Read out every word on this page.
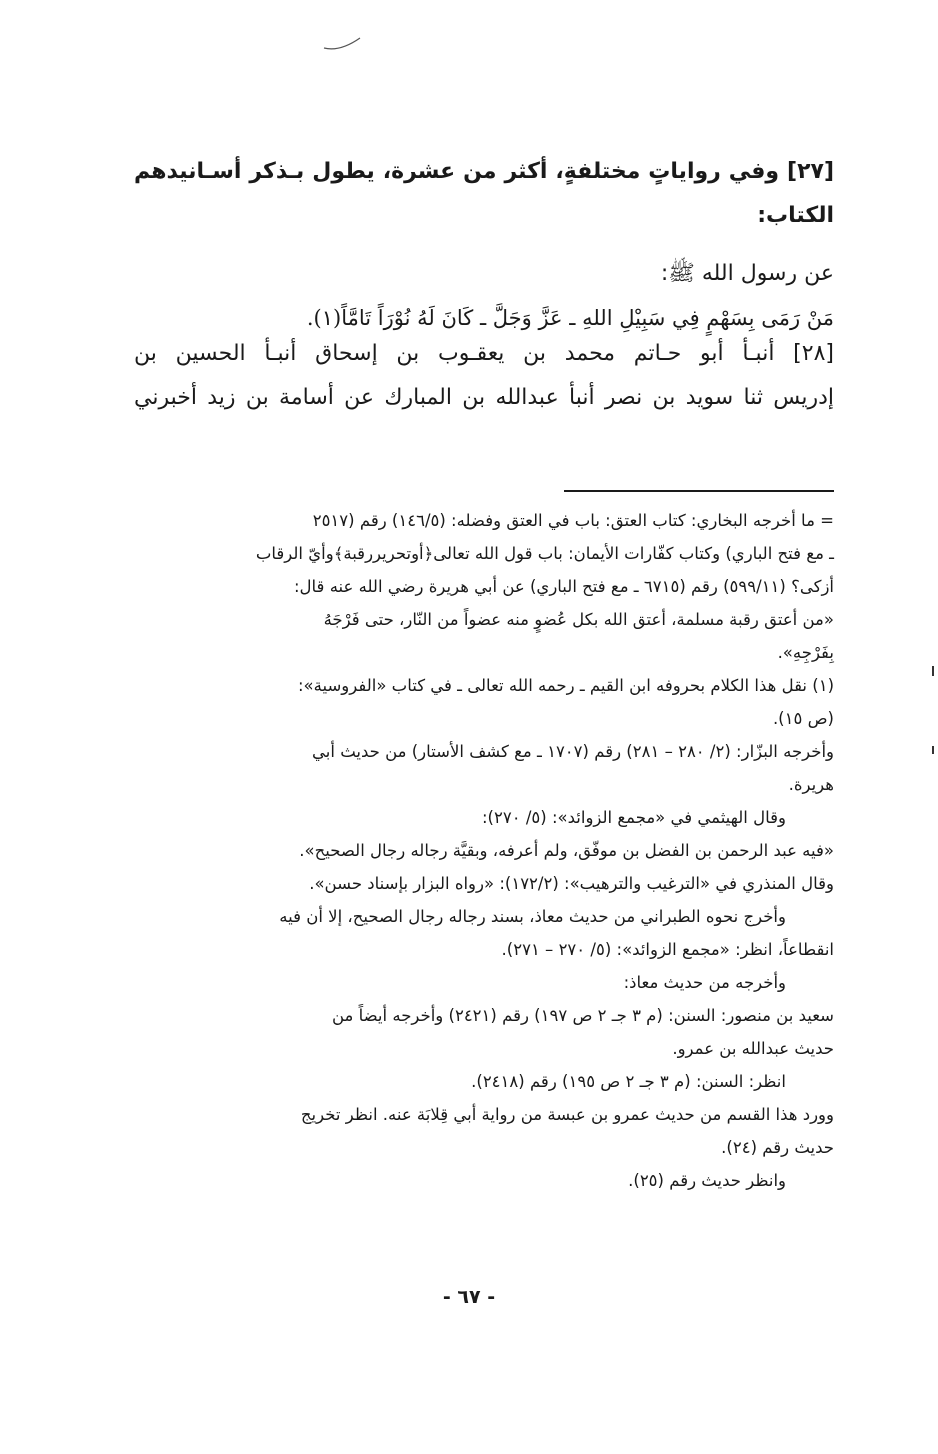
[٢٧] وفي رواياتٍ مختلفةٍ، أكثر من عشرة، يطول بـذكر أسـانيدهم
الكتاب:
عن رسول الله ﷺ:
مَنْ رَمَى بِسَهْمٍ فِي سَبِيْلِ اللهِ ـ عَزَّ وَجَلَّ ـ كَانَ لَهُ نُوْرَاً تَامَّاً(١).
[٢٨] أنبـأ أبو حـاتم محمد بن يعقـوب بن إسحاق أنبـأ الحسين بن
إدريس ثنا سويد بن نصر أنبأ عبدالله بن المبارك عن أسامة بن زيد أخبرني
= ما أخرجه البخاري: كتاب العتق: باب في العتق وفضله: (١٤٦/٥) رقم (٢٥١٧
ـ مع فتح الباري) وكتاب كفّارات الأيمان: باب قول الله تعالى﴿أوتحريررقبة﴾وأيّ الرقاب
أزكى؟ (٥٩٩/١١) رقم (٦٧١٥ ـ مع فتح الباري) عن أبي هريرة رضي الله عنه قال:
«من أعتق رقبة مسلمة، أعتق الله بكل عُضوٍ منه عضواً من النّار، حتى فَرْجَهُ
بِفَرْجِهِ».
(١) نقل هذا الكلام بحروفه ابن القيم ـ رحمه الله تعالى ـ في كتاب «الفروسية»:
(ص ١٥).
وأخرجه البزّار: (٢/ ٢٨٠ – ٢٨١) رقم (١٧٠٧ ـ مع كشف الأستار) من حديث أبي
هريرة.
وقال الهيثمي في «مجمع الزوائد»: (٥/ ٢٧٠):
«فيه عبد الرحمن بن الفضل بن موفّق، ولم أعرفه، وبقيَّة رجاله رجال الصحيح».
وقال المنذري في «الترغيب والترهيب»: (١٧٢/٢): «رواه البزار بإسناد حسن».
وأخرج نحوه الطبراني من حديث معاذ، بسند رجاله رجال الصحيح، إلا أن فيه
انقطاعاً، انظر: «مجمع الزوائد»: (٥/ ٢٧٠ – ٢٧١).
وأخرجه من حديث معاذ:
سعيد بن منصور: السنن: (م ٣ جـ ٢ ص ١٩٧) رقم (٢٤٢١) وأخرجه أيضاً من
حديث عبدالله بن عمرو.
انظر: السنن: (م ٣ جـ ٢ ص ١٩٥) رقم (٢٤١٨).
وورد هذا القسم من حديث عمرو بن عبسة من رواية أبي قِلابَة عنه. انظر تخريج
حديث رقم (٢٤).
وانظر حديث رقم (٢٥).
- ٦٧ -
